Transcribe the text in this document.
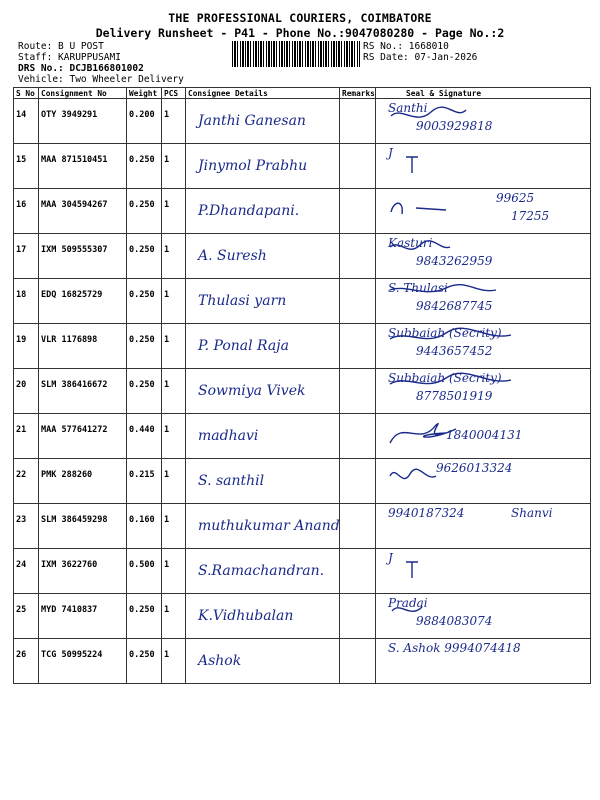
THE PROFESSIONAL COURIERS, COIMBATORE
Delivery Runsheet - P41 - Phone No.:9047080280 - Page No.:2
Route: B U POST
Staff: KARUPPUSAMI
DRS No.: DCJB166801002
Vehicle: Two Wheeler Delivery
RS No.: 1668010
RS Date: 07-Jan-2026
S No	Consignment No	Weight	PCS	Consignee Details	Remarks	Seal & Signature
14	OTY 3949291	0.200	1	Janthi Ganesan		Santhi
9003929818

15	MAA 871510451	0.250	1	Jinymol Prabhu		J

16	MAA 304594267	0.250	1	P.Dhandapani.		99625
17255

17	IXM 509555307	0.250	1	A. Suresh		Kasturi
9843262959

18	EDQ 16825729	0.250	1	Thulasi yarn		S. Thulasi
9842687745

19	VLR 1176898	0.250	1	P. Ponal Raja		Subbaiah (Secrity)
9443657452

20	SLM 386416672	0.250	1	Sowmiya Vivek		Subbaiah (Secrity)
8778501919

21	MAA 577641272	0.440	1	madhavi		1840004131

22	PMK 288260	0.215	1	S. santhil		9626013324

23	SLM 386459298	0.160	1	muthukumar Anand		9940187324 Shanvi

24	IXM 3622760	0.500	1	S.Ramachandran.		J

25	MYD 7410837	0.250	1	K.Vidhubalan		Pradai
9884083074

26	TCG 50995224	0.250	1	Ashok		S. Ashok 9994074418
